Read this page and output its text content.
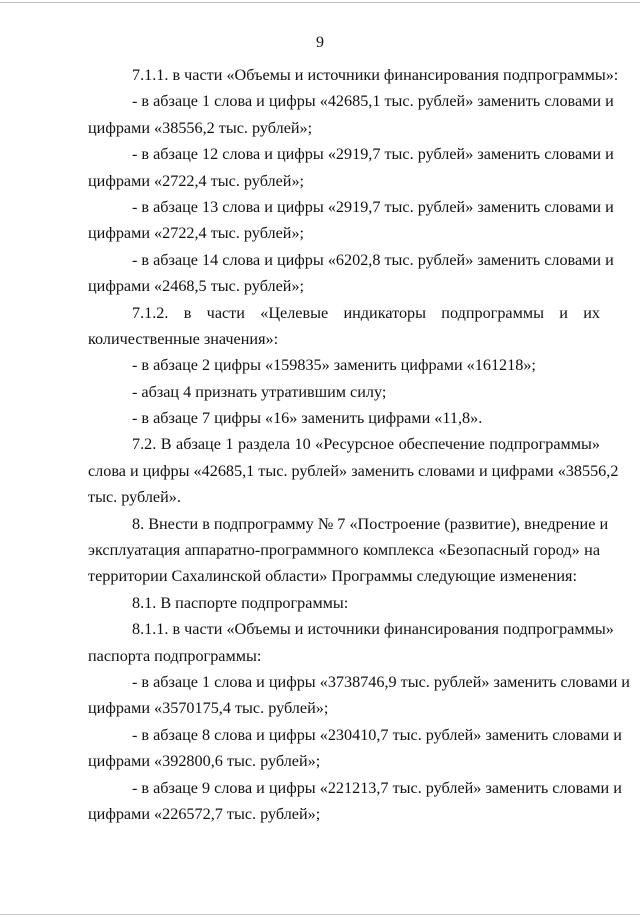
9
7.1.1. в части «Объемы и источники финансирования подпрограммы»:
- в абзаце 1 слова и цифры «42685,1 тыс. рублей» заменить словами и
цифрами «38556,2 тыс. рублей»;
- в абзаце 12 слова и цифры «2919,7 тыс. рублей» заменить словами и
цифрами «2722,4 тыс. рублей»;
- в абзаце 13 слова и цифры «2919,7 тыс. рублей» заменить словами и
цифрами «2722,4 тыс. рублей»;
- в абзаце 14 слова и цифры «6202,8 тыс. рублей» заменить словами и
цифрами «2468,5 тыс. рублей»;
7.1.2. в части «Целевые индикаторы подпрограммы и их
количественные значения»:
- в абзаце 2 цифры «159835» заменить цифрами «161218»;
- абзац 4 признать утратившим силу;
- в абзаце 7 цифры «16» заменить цифрами «11,8».
7.2. В абзаце 1 раздела 10 «Ресурсное обеспечение подпрограммы»
слова и цифры «42685,1 тыс. рублей» заменить словами и цифрами «38556,2
тыс. рублей».
8. Внести в подпрограмму № 7 «Построение (развитие), внедрение и
эксплуатация аппаратно-программного комплекса «Безопасный город» на
территории Сахалинской области» Программы следующие изменения:
8.1. В паспорте подпрограммы:
8.1.1. в части «Объемы и источники финансирования подпрограммы»
паспорта подпрограммы:
- в абзаце 1 слова и цифры «3738746,9 тыс. рублей» заменить словами и
цифрами «3570175,4 тыс. рублей»;
- в абзаце 8 слова и цифры «230410,7 тыс. рублей» заменить словами и
цифрами «392800,6 тыс. рублей»;
- в абзаце 9 слова и цифры «221213,7 тыс. рублей» заменить словами и
цифрами «226572,7 тыс. рублей»;
